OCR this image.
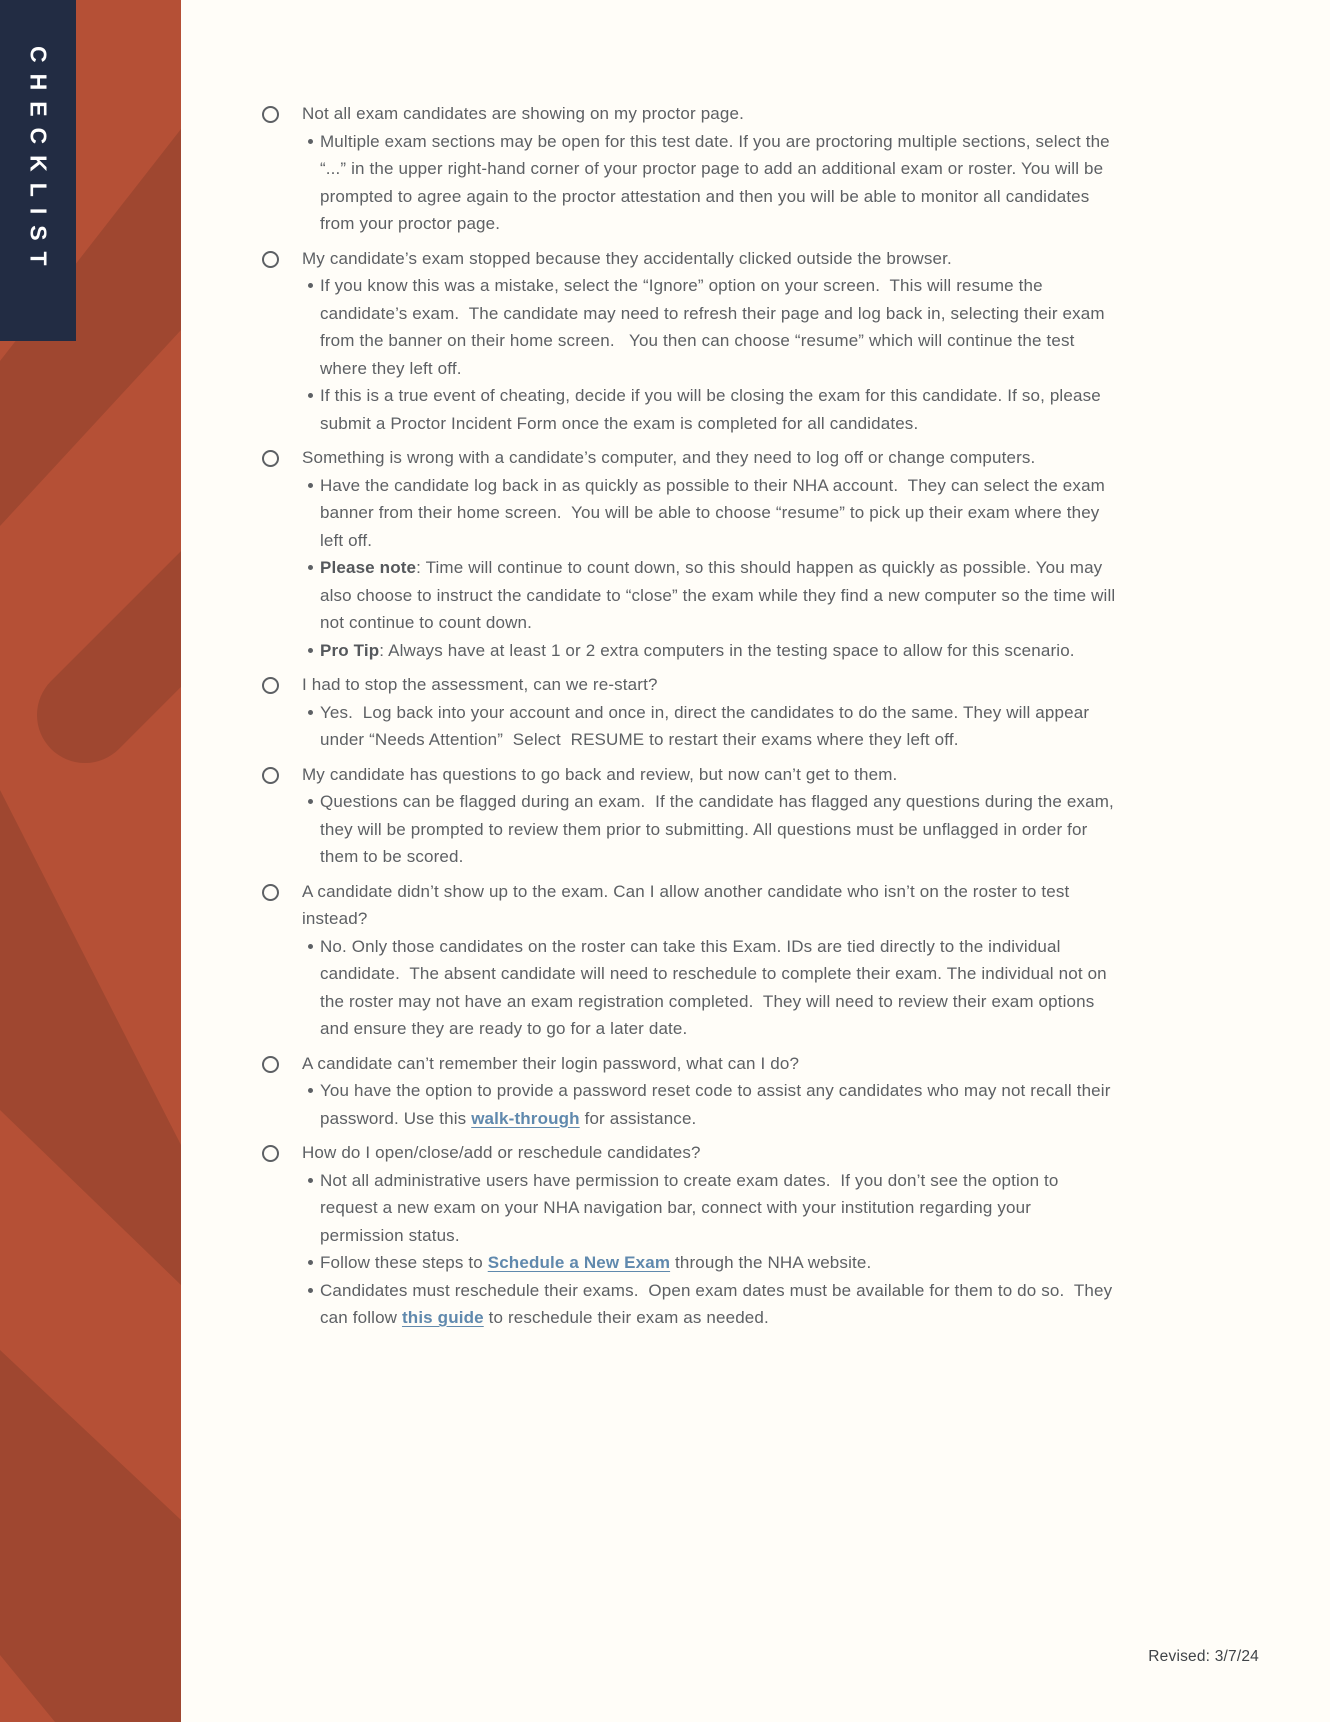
CHECKLIST	Not all exam candidates are showing on my proctor page.
Multiple exam sections may be open for this test date. If you are proctoring multiple sections, select the “...” in the upper right-hand corner of your proctor page to add an additional exam or roster. You will be prompted to agree again to the proctor attestation and then you will be able to monitor all candidates from your proctor page.
My candidate’s exam stopped because they accidentally clicked outside the browser.
If you know this was a mistake, select the “Ignore” option on your screen.  This will resume the candidate’s exam.  The candidate may need to refresh their page and log back in, selecting their exam from the banner on their home screen.   You then can choose “resume” which will continue the test where they left off.
If this is a true event of cheating, decide if you will be closing the exam for this candidate. If so, please submit a Proctor Incident Form once the exam is completed for all candidates.
Something is wrong with a candidate’s computer, and they need to log off or change computers.
Have the candidate log back in as quickly as possible to their NHA account.  They can select the exam banner from their home screen.  You will be able to choose “resume” to pick up their exam where they left off.
Please note: Time will continue to count down, so this should happen as quickly as possible. You may also choose to instruct the candidate to “close” the exam while they find a new computer so the time will not continue to count down.
Pro Tip: Always have at least 1 or 2 extra computers in the testing space to allow for this scenario.
I had to stop the assessment, can we re-start?
Yes.  Log back into your account and once in, direct the candidates to do the same. They will appear under “Needs Attention”  Select  RESUME to restart their exams where they left off.
My candidate has questions to go back and review, but now can’t get to them.
Questions can be flagged during an exam.  If the candidate has flagged any questions during the exam, they will be prompted to review them prior to submitting. All questions must be unflagged in order for them to be scored.
A candidate didn’t show up to the exam. Can I allow another candidate who isn’t on the roster to test instead?
No. Only those candidates on the roster can take this Exam. IDs are tied directly to the individual candidate.  The absent candidate will need to reschedule to complete their exam. The individual not on the roster may not have an exam registration completed.  They will need to review their exam options and ensure they are ready to go for a later date.
A candidate can’t remember their login password, what can I do?
You have the option to provide a password reset code to assist any candidates who may not recall their password. Use this walk-through for assistance.
How do I open/close/add or reschedule candidates?
Not all administrative users have permission to create exam dates.  If you don’t see the option to request a new exam on your NHA navigation bar, connect with your institution regarding your permission status.
Follow these steps to Schedule a New Exam through the NHA website.
Candidates must reschedule their exams.  Open exam dates must be available for them to do so.  They can follow this guide to reschedule their exam as needed.
Revised: 3/7/24
